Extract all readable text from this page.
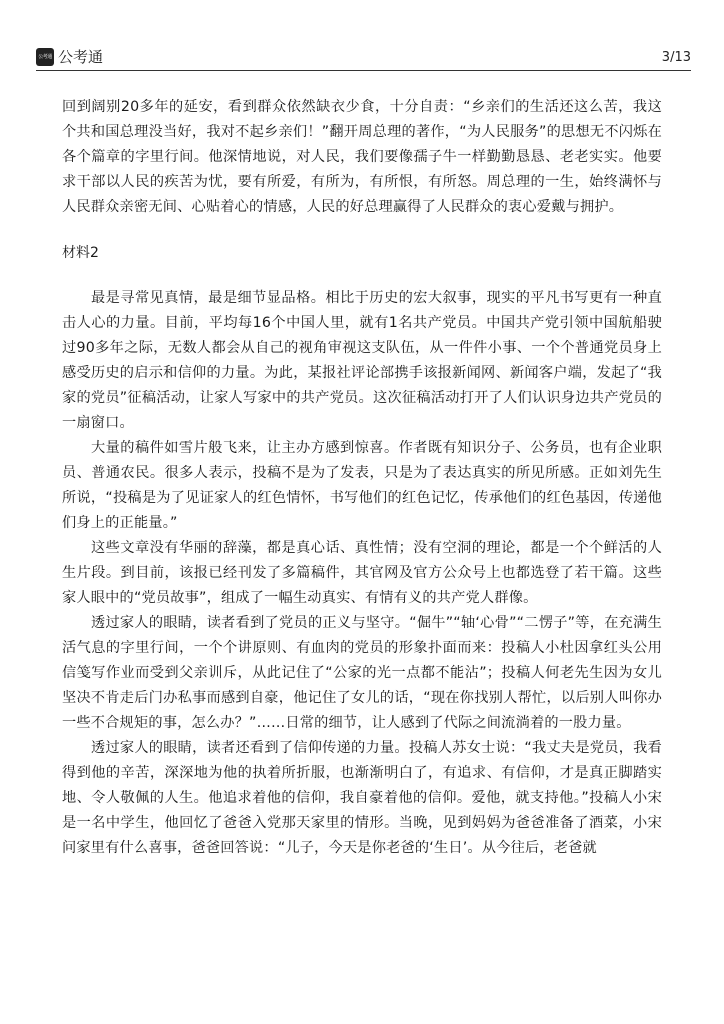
公考通 公考通	3/13

回到阔别20多年的延安，看到群众依然缺衣少食，十分自责：“乡亲们的生活还这么苦，我这个共和国总理没当好，我对不起乡亲们！”翻开周总理的著作，“为人民服务”的思想无不闪烁在各个篇章的字里行间。他深情地说，对人民，我们要像孺子牛一样勤勤恳恳、老老实实。他要求干部以人民的疾苦为忧，要有所爱，有所为，有所恨，有所怒。周总理的一生，始终满怀与人民群众亲密无间、心贴着心的情感，人民的好总理赢得了人民群众的衷心爱戴与拥护。

材料2

最是寻常见真情，最是细节显品格。相比于历史的宏大叙事，现实的平凡书写更有一种直击人心的力量。目前，平均每16个中国人里，就有1名共产党员。中国共产党引领中国航船驶过90多年之际，无数人都会从自己的视角审视这支队伍，从一件件小事、一个个普通党员身上感受历史的启示和信仰的力量。为此，某报社评论部携手该报新闻网、新闻客户端，发起了“我家的党员”征稿活动，让家人写家中的共产党员。这次征稿活动打开了人们认识身边共产党员的一扇窗口。

大量的稿件如雪片般飞来，让主办方感到惊喜。作者既有知识分子、公务员，也有企业职员、普通农民。很多人表示，投稿不是为了发表，只是为了表达真实的所见所感。正如刘先生所说，“投稿是为了见证家人的红色情怀，书写他们的红色记忆，传承他们的红色基因，传递他们身上的正能量。”

这些文章没有华丽的辞藻，都是真心话、真性情；没有空洞的理论，都是一个个鲜活的人生片段。到目前，该报已经刊发了多篇稿件，其官网及官方公众号上也都选登了若干篇。这些家人眼中的“党员故事”，组成了一幅生动真实、有情有义的共产党人群像。

透过家人的眼睛，读者看到了党员的正义与坚守。“倔牛”“轴‘心骨”“二愣子”等，在充满生活气息的字里行间，一个个讲原则、有血肉的党员的形象扑面而来：投稿人小杜因拿红头公用信笺写作业而受到父亲训斥，从此记住了“公家的光一点都不能沾”；投稿人何老先生因为女儿坚决不肯走后门办私事而感到自豪，他记住了女儿的话，“现在你找别人帮忙，以后别人叫你办一些不合规矩的事，怎么办？”……日常的细节，让人感到了代际之间流淌着的一股力量。

透过家人的眼睛，读者还看到了信仰传递的力量。投稿人苏女士说：“我丈夫是党员，我看得到他的辛苦，深深地为他的执着所折服，也渐渐明白了，有追求、有信仰，才是真正脚踏实地、令人敬佩的人生。他追求着他的信仰，我自豪着他的信仰。爱他，就支持他。”投稿人小宋是一名中学生，他回忆了爸爸入党那天家里的情形。当晚，见到妈妈为爸爸准备了酒菜，小宋问家里有什么喜事，爸爸回答说：“儿子，今天是你老爸的‘生日’。从今往后，老爸就
